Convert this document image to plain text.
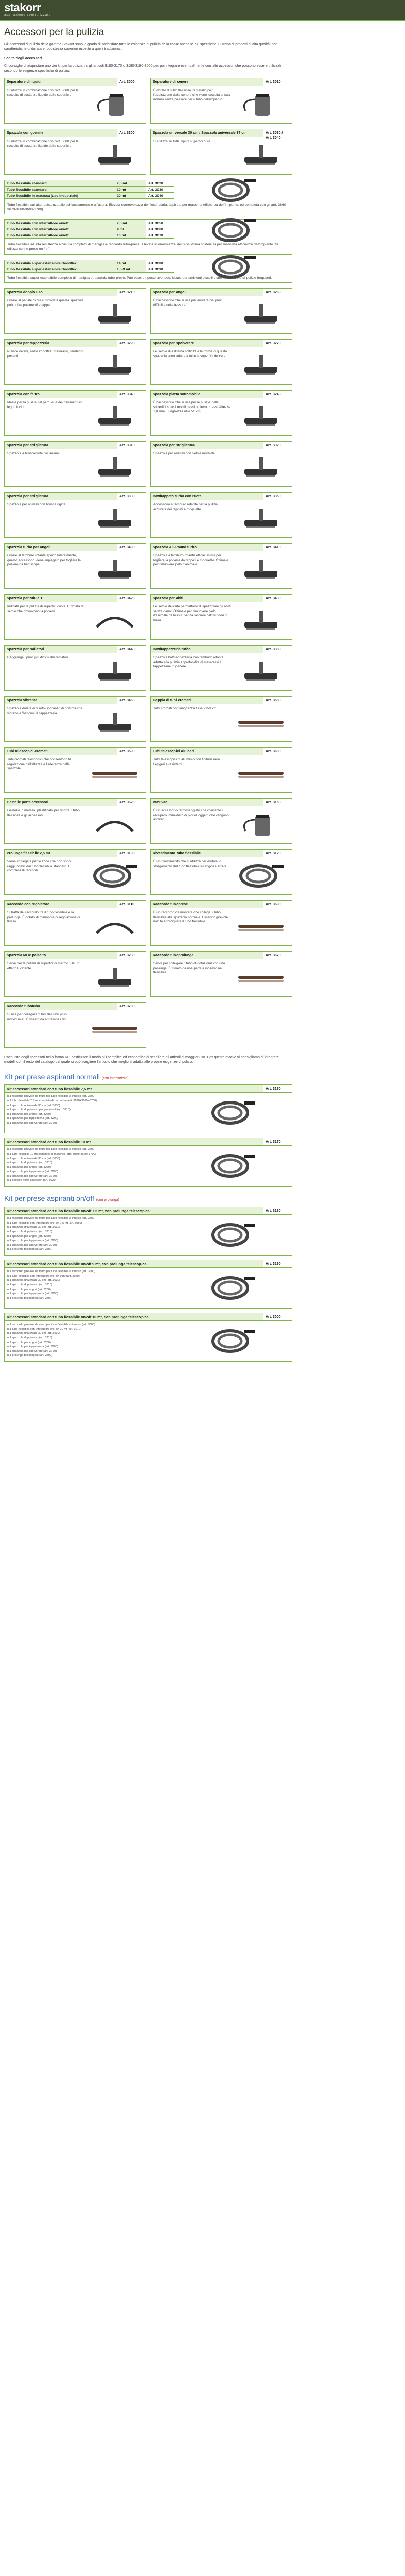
stakorr
aspirazione centralizzata
Accessori per la pulizia

Gli accessori di pulizia della gamma Stakorr sono in grado di soddisfare tutte le esigenze di pulizia della casa: anche le più specifiche. Si tratta di prodotti di alta qualità: con caratteristiche di durata e robustezza superiori rispetto a quelli tradizionali.

Scelta degli accessori

Ci consiglie di acquistare uno dei kit per la pulizia tra gli articoli 3180-3170 o 3180-3190-3000 per poi integrare eventualmente con altri accessori che possono essere utilizzati secondo le esigenze specifiche di pulizia.

Separatore di liquidi	Art. 3000
Si utilizza in combinazione con l'art. 3000 per la raccolta di sostanze liquide dalle superfici.
Separatore di cenere	Art. 3010
È dotato di tubo flessibile in metallo per l'aspirazione della cenere che viene raccolta al suo interno senza passare per il tubo dell'impianto.
Spazzola con gomme	Art. 3300
Si utilizza in combinazione con l'art. 3000 per la raccolta di sostanze liquide dalle superfici.
Spazzola universale 30 cm / Spazzola universale 37 cm	Art. 3030 / Art. 3040
Si utilizza su tutti i tipi di superfici dure.
Tubo flessibile standard	7,5 mt	Art. 3020
Tubo flessibile standard	10 mt	Art. 3030
Tubo flessibile in matassa (uso industriale)	20 mt	Art. 3040
Tubo flessibile sul alta resistenza allo schiacciamento e all'usura. Elevata scorrevolezza dei flussi d'aria: aspirate per massima efficienza dell'impianto. (si completa con gli artt. 3660-3670-3680-3690-3700)
Tubo flessibile con interruttore on/off	7,5 mt	Art. 3050
Tubo flessibile con interruttore on/off	9 mt	Art. 3060
Tubo flessibile con interruttore on/off	10 mt	Art. 3070
Tubo flessibile ad alta resistenza all'usura completo di maniglia e raccordo tubo-prese. Elevata scorrevolezza dei flussi d'aria sostenuta per massima efficienza dell'impianto. Si utilizza con le prese on / off.
Tubo flessibile super estensibile Goodflex	14 mt	Art. 3080
Tubo flessibile super estensibile Goodflex	1,5-9 mt	Art. 3090
Tubo flessibile super estensibile completo di maniglia e raccordo tubo-prese. Può essere riposto ovunque, ideale per ambienti piccoli e che necessitano di pulizie frequenti.
Spazzola doppio uso	Art. 3210
Grazie al pedale di cui è provvista questa spazzola può pulire pavimenti e tappeti.
Spazzola per angoli	Art. 3260
È l'accessorio che si usa per arrivare nei punti difficili e nelle fessure.
Spazzola per tappezzeria	Art. 3290
Pulisce divani, sedie imbottite, materassi, tendaggi pesanti.
Spazzola per spolverare	Art. 3270
Le setole di estrema sofficità e la forma di questa spazzola sono adatte a tutte le superfici delicate.
Spazzola con feltro	Art. 3340
Ideale per la pulizia del parquet e dei pavimenti in legno lucidi.
Spazzola piatta sottomobile	Art. 3240
È l'accessorio che si usa per le pulizie delle superfici sotto i mobili bassi o dietro di essi. Altezza 1,8 mm. Lunghezza utile 50 cm.
Spazzola per strigliatura	Art. 3310
Spazzola a bruscacorta per animali.
Spazzola per strigliatura	Art. 3320
Spazzola per animali con setole morbide.
Spazzola per strigliatura	Art. 3330
Spazzola per animali con brusca rigida.
Battitappeto turbo con ruote	Art. 3350
Accessorio a tamburo rotante per la pulizia accurata dei tappeti e moquette.
Spazzola turbo per angoli	Art. 3400
Grazie al tamburo rotante aperto lateralmente, questo accessorio viene impiegato per togliere la polvere da battiscopa.
Spazzola All-Round turbo	Art. 3410
Spazzola a tamburo rotante efficacissima per togliere la polvere da tappeti e moquette. Ottimale per rimuovere pelo d'animale.
Spazzola per tubi a T	Art. 3420
Indicata per la pulizia di superfici curve. È dotata di setole che rimuovono la polvere.
Spazzola per abiti	Art. 3430
Le setole delicate permettono di spazzolare gli abiti senza danni. Ottimale per rimuovere pelo d'animale da tessuti senza lasciare cattivi odori in casa.
Spazzola per radiatori	Art. 3440
Raggiunge i punti più difficili dei radiatori.
Battitappezzeria turbo	Art. 3380
Spazzola battitappezzeria con tamburo rotante adatta alla pulizia approfondita di materassi e tappezzerie in genere.
Spazzola vibrante	Art. 3460
Spazzola dotata di 3 rotoli ingranati di gomma che vibrano e 'battono' la tappezzeria.
Coppia di tubi cromati	Art. 3580
Tubi cromati con lunghezza fissa 2x50 cm.
Tubi telescopici cromati	Art. 3590
Tubi cromati telescopici che consentono la regolazione dell'altezza e l'aderenza delle spazzole.
Tubi telescopici Alu neri	Art. 3600
Tubi telescopici di alluminio con finitura nera. Leggeri e resistenti.
Gestelle porta accessori	Art. 3620
Gestello in metallo, plastificato per riporre il tubo flessibile e gli accessori.
Vacuvac	Art. 3150
È un accessorio termosaggiato che consente il recupero immediato di piccoli oggetti che vengono aspirati.
Prolunga flessibile 2,5 mt	Art. 3100
Viene impiegata per le zone che non sono raggiungibili dal tubo flessibile standard. È completa di raccordi.
Rivestimento tubo flessibile	Art. 3120
È un rivestimento che si utilizza per evitare lo sfregamento del tubo flessibile su angoli e arredi.
Raccordo con regolatore	Art. 3110
Si tratta del raccordo tra il tubo flessibile e la prolunga. È dotato di manopola di regolazione di flusso.
Raccordo tuboprese	Art. 3690
È un raccordo da montare che collega il tubo flessibile alla spazzola normale. Essendo girevole non fa attorcigliare il tubo flessibile.
Spazzola MOP paiscito	Art. 3230
Serve per la pulizia di superfici di marmo. Ha un effetto lucidante.
Raccordo tuboprolunga	Art. 3670
Serve per collegare il tubo di dotazione con una prolunga. È fissato da una parte a incastro nel flessibile.
Raccordo tubotubo	Art. 3700
Si usa per collegare 2 tubi flessibili (uso individuale). È fissato da entrambe i lati.
L'acquisto degli accessori nella forma KIT costituisce il modo più semplice ed economico di scegliere gli articoli di maggior uso. Per questo motivo vi consigliamo di integrare i modelli con il resto del catalogo dal quale si può scegliere l'articolo che meglio si adatta alle proprie esigenze di pulizia.
Kit per prese aspiranti normali (con interruttore)
Kit accessori standard con tubo flessibile 7,5 mt	Art. 3160
n.1 raccordo girevole da muro per tubo flessibile a innesto (art. 3600)
n.1 tubo flessibile 7,5 mt completo di raccordo (artt. 3020+3660+3700)
n.1 spazzola universale 30 cm (art. 3030)
n.1 spazzola doppio uso per pavimenti (art. 3210)
n.1 spazzola per angoli (art. 3260)
n.1 spazzola per tappezzeria (art. 3290)
n.1 spazzola per spolverare (art. 3270)
Kit accessori standard con tubo flessibile 10 mt	Art. 3170
n.1 raccordo girevole da muro per tubo flessibile a innesto (art. 3600)
n.1 tubo flessibile 10 mt completo di raccordo (artt. 3030+3660+3700)
n.1 spazzola universale 30 cm (art. 3030)
n.1 spazzola doppio uso (art. 3210)
n.1 spazzola per angoli (art. 3260)
n.1 spazzola per tappezzeria (art. 3290)
n.1 spazzola per spolverare (art. 3270)
n.1 gestelle porta accessori (art. 3620)
Kit per prese aspiranti on/off (con prolunga)
Kit accessori standard con tubo flessibile on/off 7,5 mt, con prolunga telescopica	Art. 3180
n.1 raccordo girevole da muro per tubo flessibile a innesto (art. 3600)
n.1 tubo flessibile con interruttore on / off 7,5 mt (art. 3050)
n.1 spazzola universale 30 cm (art. 3030)
n.1 spazzola doppio uso (art. 3210)
n.1 spazzola per angoli (art. 3260)
n.1 spazzola per tappezzeria (art. 3290)
n.1 spazzola per spolverare (art. 3270)
n.1 prolunga telescopica (art. 3590)
Kit accessori standard con tubo flessibile on/off 9 mt, con prolunga telescopica	Art. 3190
n.1 raccordo girevole da muro per tubo flessibile a innesto (art. 3600)
n.1 tubo flessibile con interruttore on / off 9 mt (art. 3060)
n.1 spazzola universale 30 cm (art. 3030)
n.1 spazzola doppio uso (art. 3210)
n.1 spazzola per angoli (art. 3260)
n.1 spazzola per tappezzeria (art. 3290)
n.1 prolunga telescopica (art. 3590)
Kit accessori standard con tubo flessibile on/off 10 mt, con prolunga telescopica	Art. 3000
n.1 raccordo girevole da muro per tubo flessibile a innesto (art. 3600)
n.1 tubo flessibile con interruttore on / off 10 mt (art. 3070)
n.1 spazzola universale 30 cm (art. 3030)
n.1 spazzola doppio uso (art. 3210)
n.1 spazzola per angoli (art. 3260)
n.1 spazzola per tappezzeria (art. 3290)
n.1 spazzola per spolverare (art. 3270)
n.1 prolunga telescopica (art. 3590)
